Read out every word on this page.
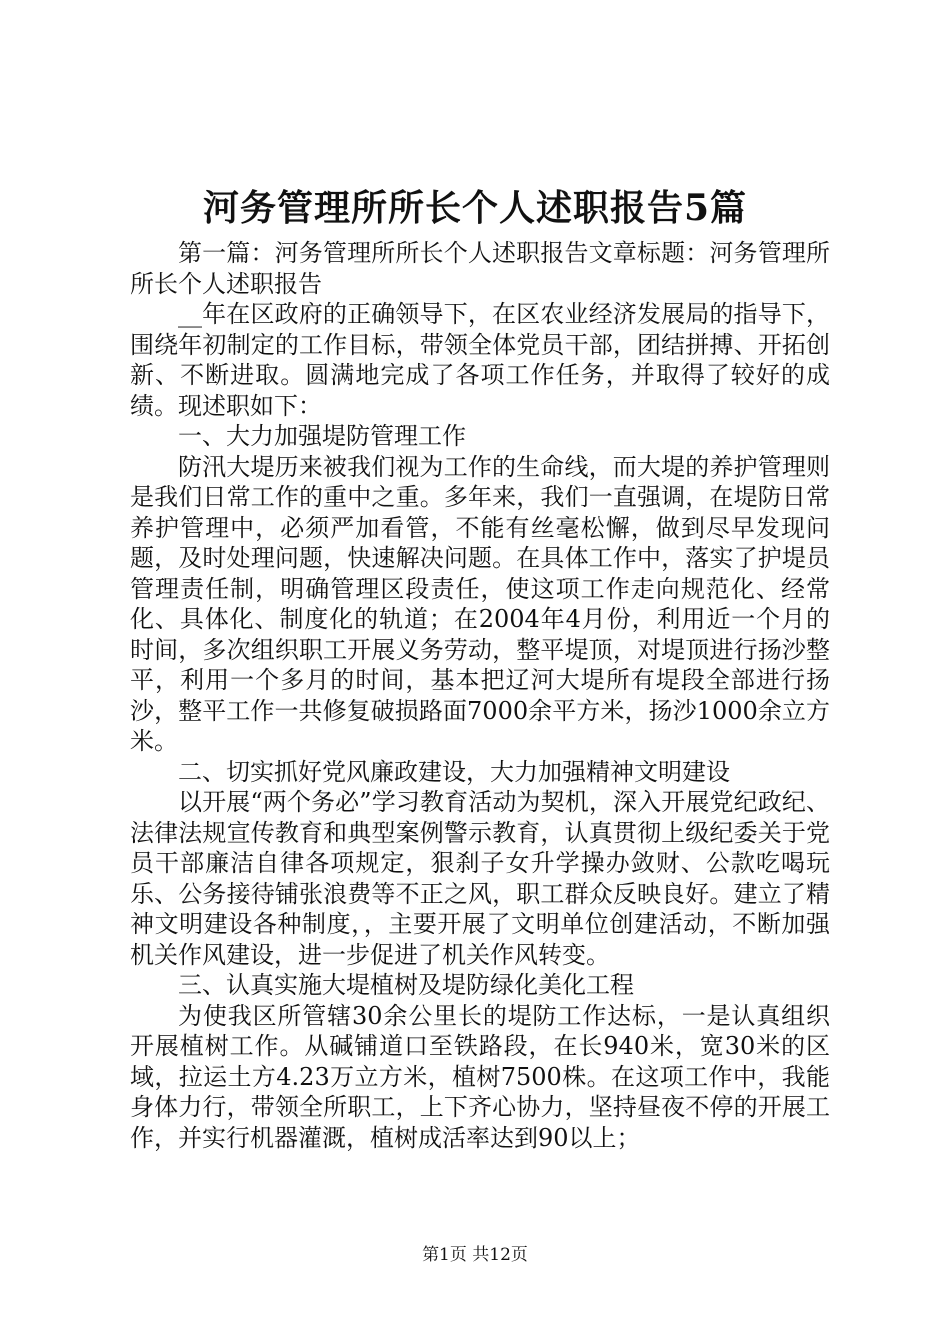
河务管理所所长个人述职报告5篇

第一篇：河务管理所所长个人述职报告文章标题：河务管理所所长个人述职报告

__年在区政府的正确领导下，在区农业经济发展局的指导下，围绕年初制定的工作目标，带领全体党员干部，团结拼搏、开拓创新、不断进取。圆满地完成了各项工作任务，并取得了较好的成绩。现述职如下：

一、大力加强堤防管理工作

防汛大堤历来被我们视为工作的生命线，而大堤的养护管理则是我们日常工作的重中之重。多年来，我们一直强调，在堤防日常养护管理中，必须严加看管，不能有丝毫松懈，做到尽早发现问题，及时处理问题，快速解决问题。在具体工作中，落实了护堤员管理责任制，明确管理区段责任，使这项工作走向规范化、经常化、具体化、制度化的轨道；在2004年4月份，利用近一个月的时间，多次组织职工开展义务劳动，整平堤顶，对堤顶进行扬沙整平，利用一个多月的时间，基本把辽河大堤所有堤段全部进行扬沙，整平工作一共修复破损路面7000余平方米，扬沙1000余立方米。

二、切实抓好党风廉政建设，大力加强精神文明建设

以开展“两个务必”学习教育活动为契机，深入开展党纪政纪、法律法规宣传教育和典型案例警示教育，认真贯彻上级纪委关于党员干部廉洁自律各项规定，狠刹子女升学操办敛财、公款吃喝玩乐、公务接待铺张浪费等不正之风，职工群众反映良好。建立了精神文明建设各种制度，，主要开展了文明单位创建活动，不断加强机关作风建设，进一步促进了机关作风转变。

三、认真实施大堤植树及堤防绿化美化工程

为使我区所管辖30余公里长的堤防工作达标，一是认真组织开展植树工作。从碱铺道口至铁路段，在长940米，宽30米的区域，拉运土方4.23万立方米，植树7500株。在这项工作中，我能身体力行，带领全所职工，上下齐心协力，坚持昼夜不停的开展工作，并实行机器灌溉，植树成活率达到90以上；

第1页 共12页
